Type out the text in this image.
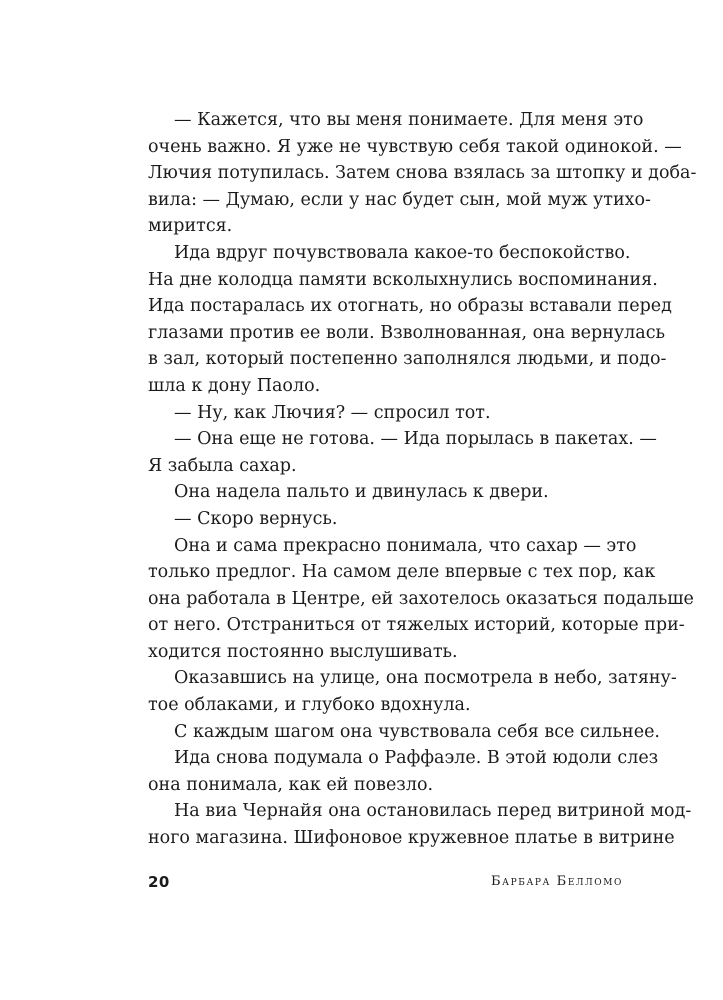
— Кажется, что вы меня понимаете. Для меня это
очень важно. Я уже не чувствую себя такой одинокой. —
Лючия потупилась. Затем снова взялась за штопку и доба-
вила: — Думаю, если у нас будет сын, мой муж утихо-
мирится.
Ида вдруг почувствовала какое-то беспокойство.
На дне колодца памяти всколыхнулись воспоминания.
Ида постаралась их отогнать, но образы вставали перед
глазами против ее воли. Взволнованная, она вернулась
в зал, который постепенно заполнялся людьми, и подо-
шла к дону Паоло.
— Ну, как Лючия? — спросил тот.
— Она еще не готова. — Ида порылась в пакетах. —
Я забыла сахар.
Она надела пальто и двинулась к двери.
— Скоро вернусь.
Она и сама прекрасно понимала, что сахар — это
только предлог. На самом деле впервые с тех пор, как
она работала в Центре, ей захотелось оказаться подальше
от него. Отстраниться от тяжелых историй, которые при-
ходится постоянно выслушивать.
Оказавшись на улице, она посмотрела в небо, затяну-
тое облаками, и глубоко вдохнула.
С каждым шагом она чувствовала себя все сильнее.
Ида снова подумала о Раффаэле. В этой юдоли слез
она понимала, как ей повезло.
На виа Чернайя она остановилась перед витриной мод-
ного магазина. Шифоновое кружевное платье в витрине
20	Барбара Белломо
